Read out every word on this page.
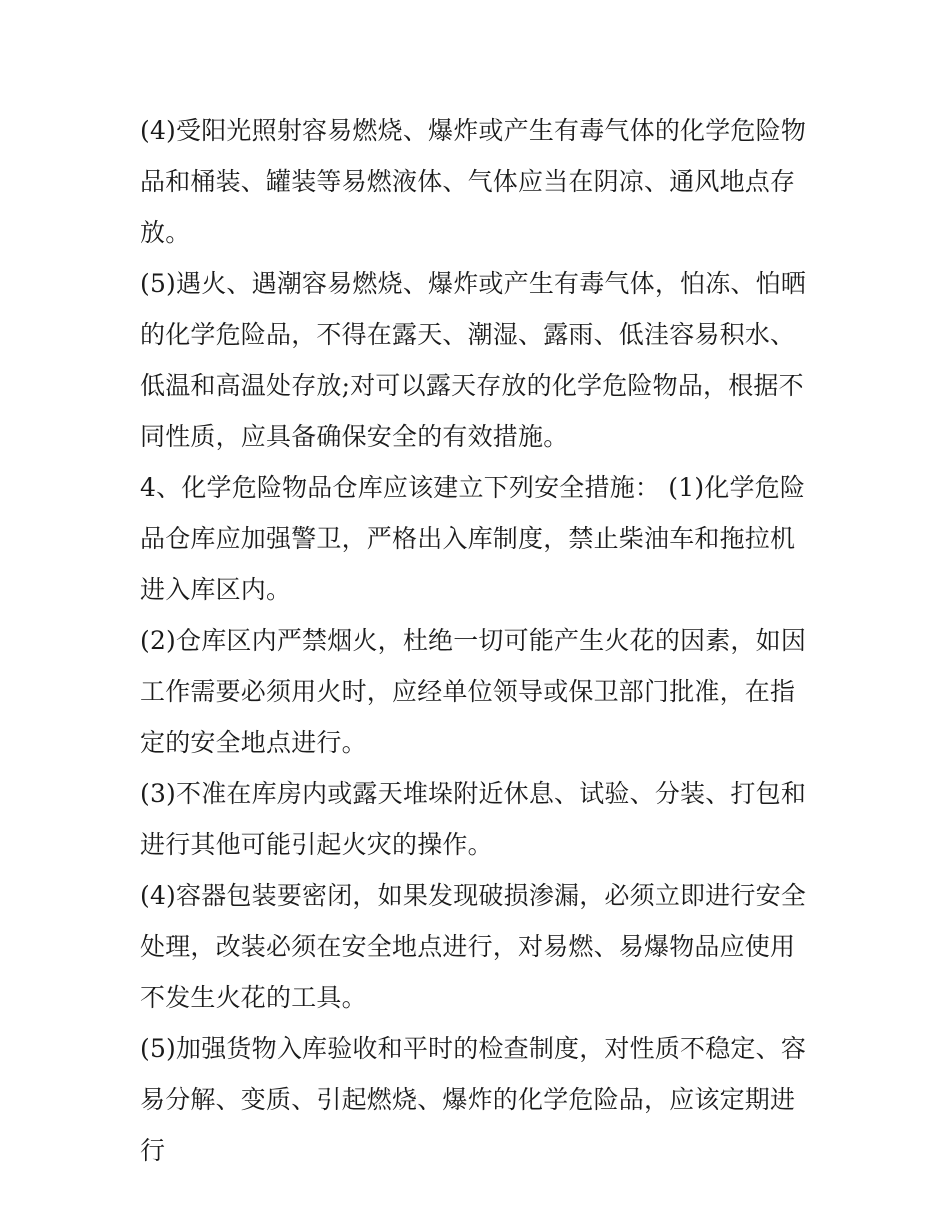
(4)受阳光照射容易燃烧、爆炸或产生有毒气体的化学危险物品和桶装、罐装等易燃液体、气体应当在阴凉、通风地点存放。

(5)遇火、遇潮容易燃烧、爆炸或产生有毒气体，怕冻、怕晒的化学危险品，不得在露天、潮湿、露雨、低洼容易积水、低温和高温处存放;对可以露天存放的化学危险物品，根据不同性质，应具备确保安全的有效措施。

4、化学危险物品仓库应该建立下列安全措施： (1)化学危险品仓库应加强警卫，严格出入库制度，禁止柴油车和拖拉机进入库区内。

(2)仓库区内严禁烟火，杜绝一切可能产生火花的因素，如因工作需要必须用火时，应经单位领导或保卫部门批准，在指定的安全地点进行。

(3)不准在库房内或露天堆垛附近休息、试验、分装、打包和进行其他可能引起火灾的操作。

(4)容器包装要密闭，如果发现破损渗漏，必须立即进行安全处理，改装必须在安全地点进行，对易燃、易爆物品应使用不发生火花的工具。

(5)加强货物入库验收和平时的检查制度，对性质不稳定、容易分解、变质、引起燃烧、爆炸的化学危险品，应该定期进行
